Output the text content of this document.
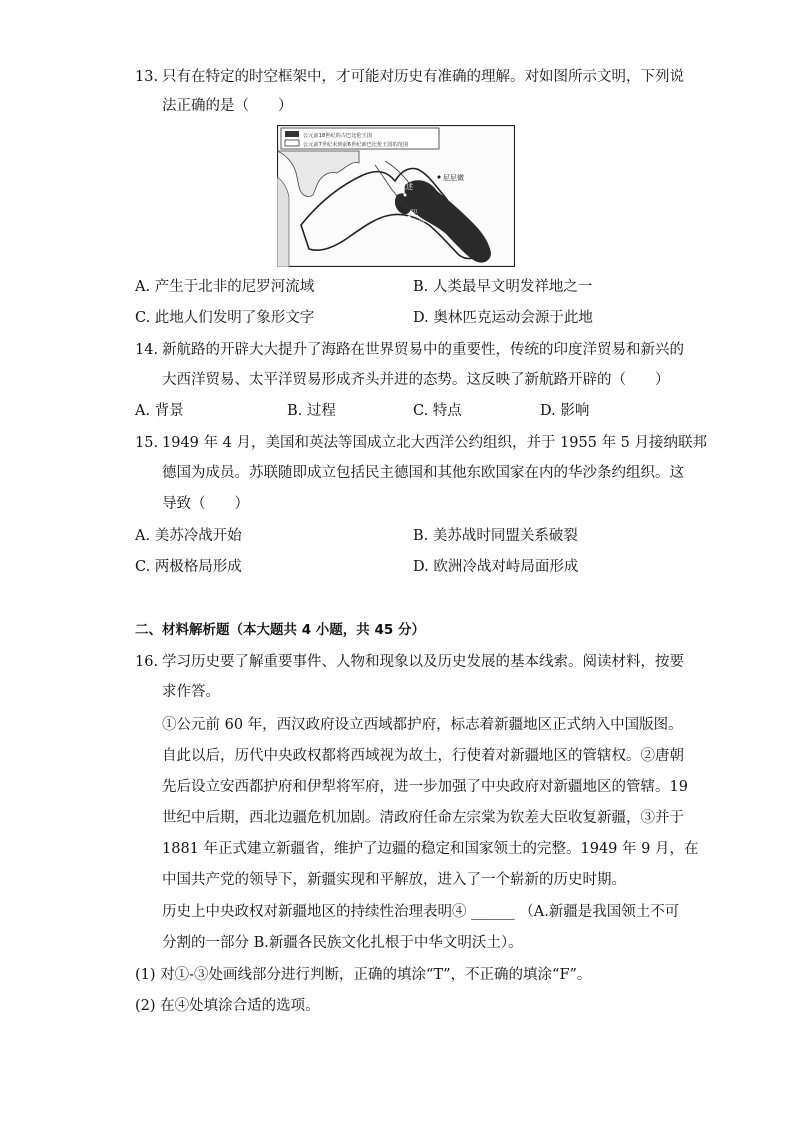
13. 只有在特定的时空框架中，才可能对历史有准确的理解。对如图所示文明，下列说
法正确的是（　　）
公元前18世纪的古巴比伦王国
公元前7世纪末到前6世纪新巴比伦王国的范围
尼尼微
亚述
巴
比伦
A. 产生于北非的尼罗河流域	B. 人类最早文明发祥地之一
C. 此地人们发明了象形文字	D. 奥林匹克运动会源于此地
14. 新航路的开辟大大提升了海路在世界贸易中的重要性，传统的印度洋贸易和新兴的
大西洋贸易、太平洋贸易形成齐头并进的态势。这反映了新航路开辟的（　　）
A. 背景	B. 过程	C. 特点	D. 影响
15. 1949 年 4 月，美国和英法等国成立北大西洋公约组织，并于 1955 年 5 月接纳联邦
德国为成员。苏联随即成立包括民主德国和其他东欧国家在内的华沙条约组织。这
导致（　　）
A. 美苏冷战开始	B. 美苏战时同盟关系破裂
C. 两极格局形成	D. 欧洲冷战对峙局面形成
二、材料解析题（本大题共 4 小题，共 45 分）
16. 学习历史要了解重要事件、人物和现象以及历史发展的基本线索。阅读材料，按要
求作答。
①公元前 60 年，西汉政府设立西域都护府，标志着新疆地区正式纳入中国版图。
自此以后，历代中央政权都将西域视为故土，行使着对新疆地区的管辖权。②唐朝
先后设立安西都护府和伊犁将军府，进一步加强了中央政府对新疆地区的管辖。19
世纪中后期，西北边疆危机加剧。清政府任命左宗棠为钦差大臣收复新疆，③并于
1881 年正式建立新疆省，维护了边疆的稳定和国家领土的完整。1949 年 9 月，在
中国共产党的领导下，新疆实现和平解放，进入了一个崭新的历史时期。
历史上中央政权对新疆地区的持续性治理表明④ ______ （A.新疆是我国领土不可
分割的一部分 B.新疆各民族文化扎根于中华文明沃土）。
(1) 对①-③处画线部分进行判断，正确的填涂“T”，不正确的填涂“F”。
(2) 在④处填涂合适的选项。
